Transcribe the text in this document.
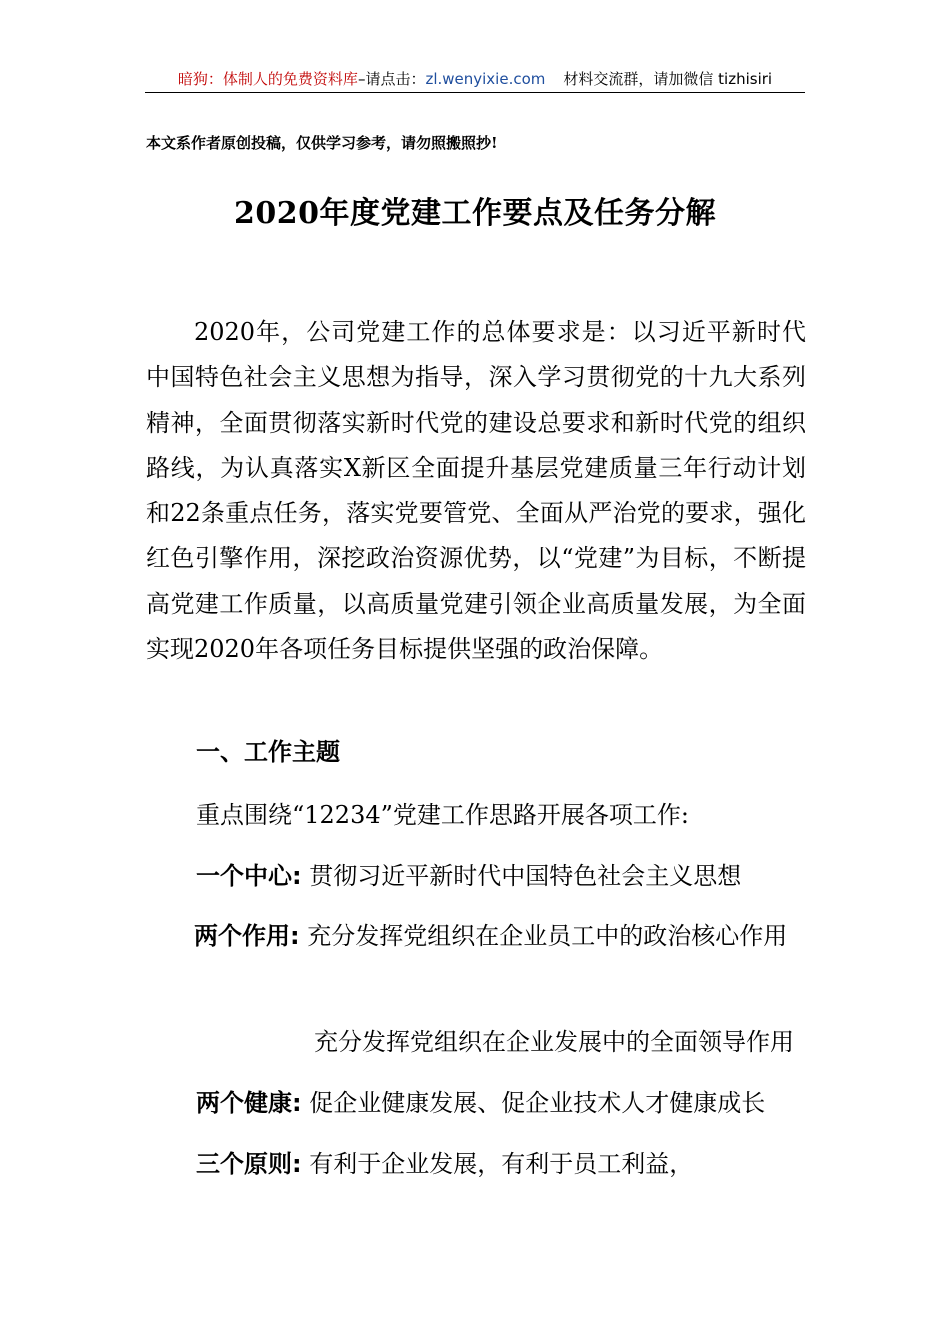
暗狗：体制人的免费资料库–请点击：zl.wenyixie.com 材料交流群，请加微信 tizhisiri
本文系作者原创投稿，仅供学习参考，请勿照搬照抄!
2020年度党建工作要点及任务分解
2020年，公司党建工作的总体要求是：以习近平新时代中国特色社会主义思想为指导，深入学习贯彻党的十九大系列精神，全面贯彻落实新时代党的建设总要求和新时代党的组织路线，为认真落实X新区全面提升基层党建质量三年行动计划和22条重点任务，落实党要管党、全面从严治党的要求，强化红色引擎作用，深挖政治资源优势，以“党建”为目标，不断提高党建工作质量，以高质量党建引领企业高质量发展，为全面实现2020年各项任务目标提供坚强的政治保障。
一、工作主题
重点围绕“12234”党建工作思路开展各项工作:
一个中心: 贯彻习近平新时代中国特色社会主义思想
两个作用: 充分发挥党组织在企业员工中的政治核心作用
充分发挥党组织在企业发展中的全面领导作用
两个健康: 促企业健康发展、促企业技术人才健康成长
三个原则: 有利于企业发展，有利于员工利益，
